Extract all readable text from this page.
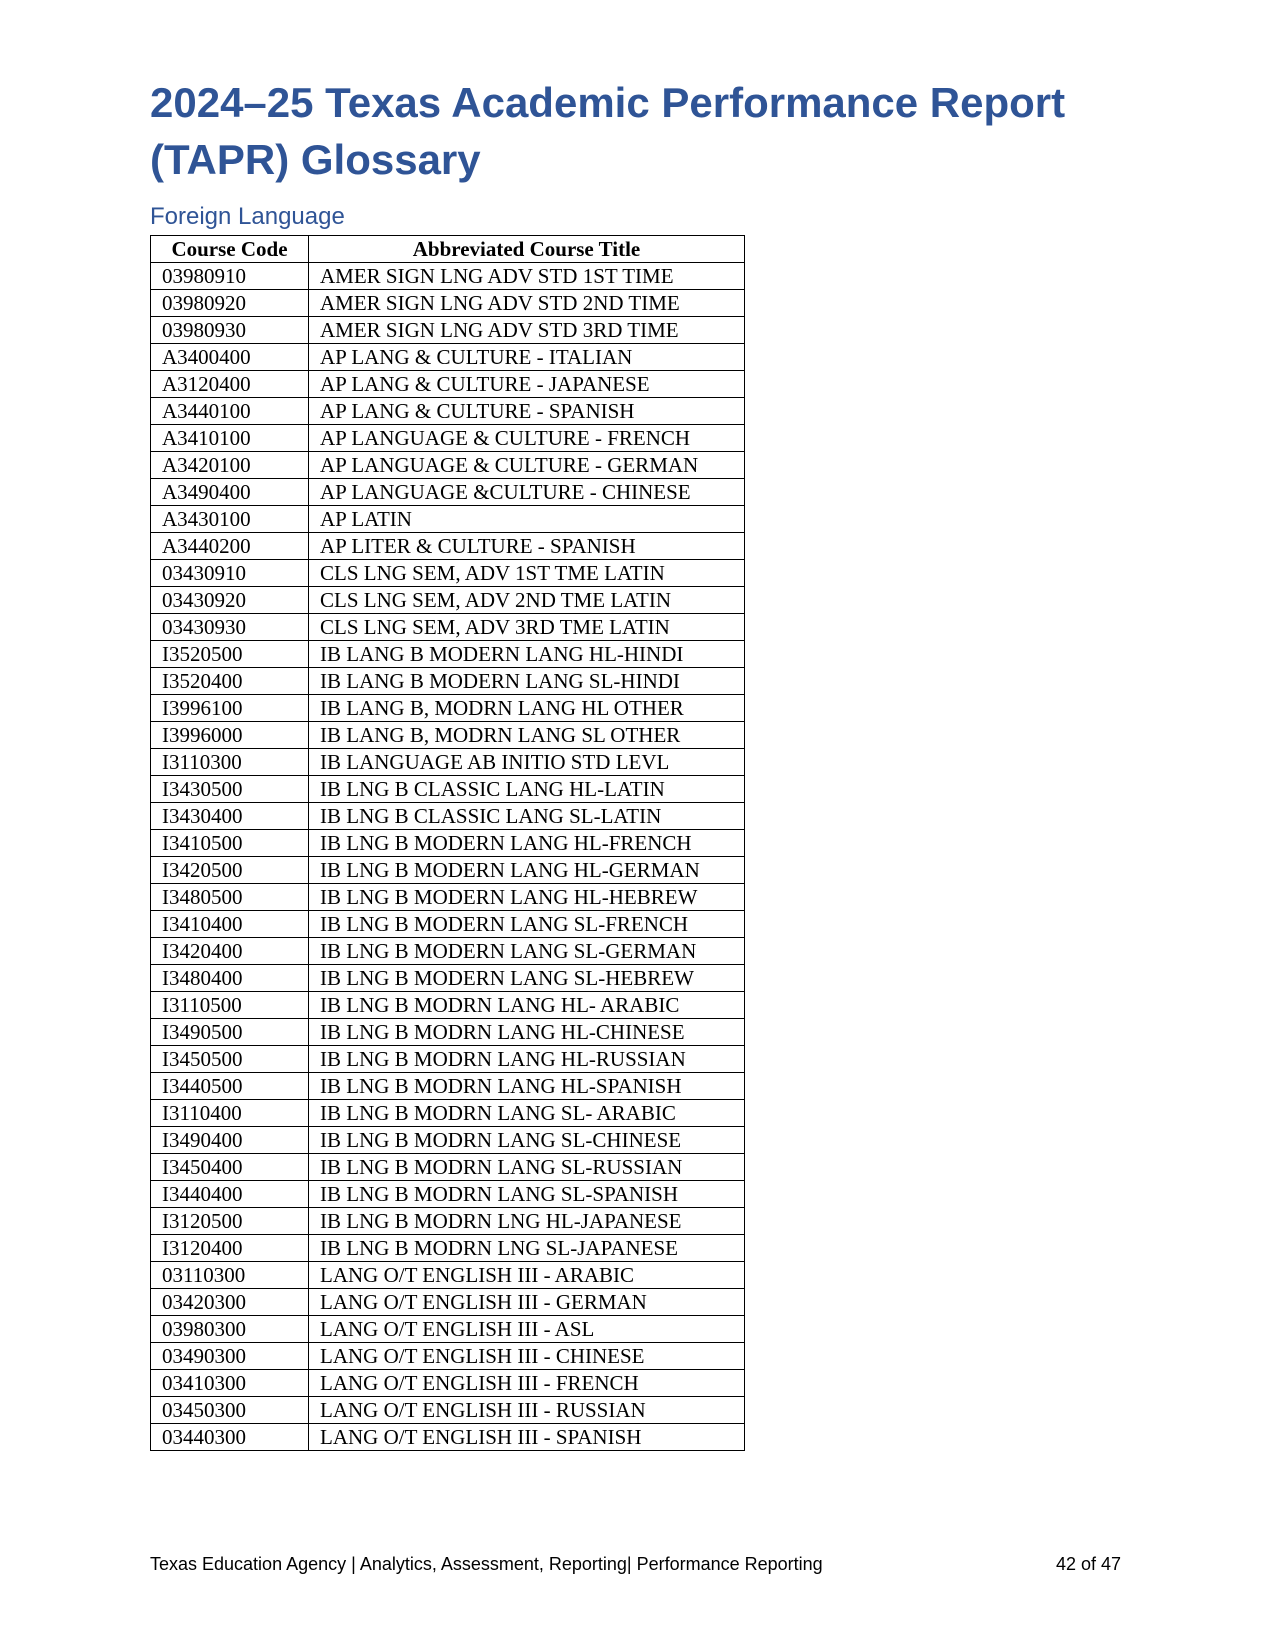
2024–25 Texas Academic Performance Report
(TAPR) Glossary
Foreign Language
Course Code	Abbreviated Course Title
03980910	AMER SIGN LNG ADV STD 1ST TIME
03980920	AMER SIGN LNG ADV STD 2ND TIME
03980930	AMER SIGN LNG ADV STD 3RD TIME
A3400400	AP LANG & CULTURE - ITALIAN
A3120400	AP LANG & CULTURE - JAPANESE
A3440100	AP LANG & CULTURE - SPANISH
A3410100	AP LANGUAGE & CULTURE - FRENCH
A3420100	AP LANGUAGE & CULTURE - GERMAN
A3490400	AP LANGUAGE &CULTURE - CHINESE
A3430100	AP LATIN
A3440200	AP LITER & CULTURE - SPANISH
03430910	CLS LNG SEM, ADV 1ST TME LATIN
03430920	CLS LNG SEM, ADV 2ND TME LATIN
03430930	CLS LNG SEM, ADV 3RD TME LATIN
I3520500	IB LANG B MODERN LANG HL-HINDI
I3520400	IB LANG B MODERN LANG SL-HINDI
I3996100	IB LANG B, MODRN LANG HL OTHER
I3996000	IB LANG B, MODRN LANG SL OTHER
I3110300	IB LANGUAGE AB INITIO STD LEVL
I3430500	IB LNG B CLASSIC LANG HL-LATIN
I3430400	IB LNG B CLASSIC LANG SL-LATIN
I3410500	IB LNG B MODERN LANG HL-FRENCH
I3420500	IB LNG B MODERN LANG HL-GERMAN
I3480500	IB LNG B MODERN LANG HL-HEBREW
I3410400	IB LNG B MODERN LANG SL-FRENCH
I3420400	IB LNG B MODERN LANG SL-GERMAN
I3480400	IB LNG B MODERN LANG SL-HEBREW
I3110500	IB LNG B MODRN LANG HL- ARABIC
I3490500	IB LNG B MODRN LANG HL-CHINESE
I3450500	IB LNG B MODRN LANG HL-RUSSIAN
I3440500	IB LNG B MODRN LANG HL-SPANISH
I3110400	IB LNG B MODRN LANG SL- ARABIC
I3490400	IB LNG B MODRN LANG SL-CHINESE
I3450400	IB LNG B MODRN LANG SL-RUSSIAN
I3440400	IB LNG B MODRN LANG SL-SPANISH
I3120500	IB LNG B MODRN LNG HL-JAPANESE
I3120400	IB LNG B MODRN LNG SL-JAPANESE
03110300	LANG O/T ENGLISH III - ARABIC
03420300	LANG O/T ENGLISH III - GERMAN
03980300	LANG O/T ENGLISH III - ASL
03490300	LANG O/T ENGLISH III - CHINESE
03410300	LANG O/T ENGLISH III - FRENCH
03450300	LANG O/T ENGLISH III - RUSSIAN
03440300	LANG O/T ENGLISH III - SPANISH
Texas Education Agency | Analytics, Assessment, Reporting| Performance Reporting	42 of 47
